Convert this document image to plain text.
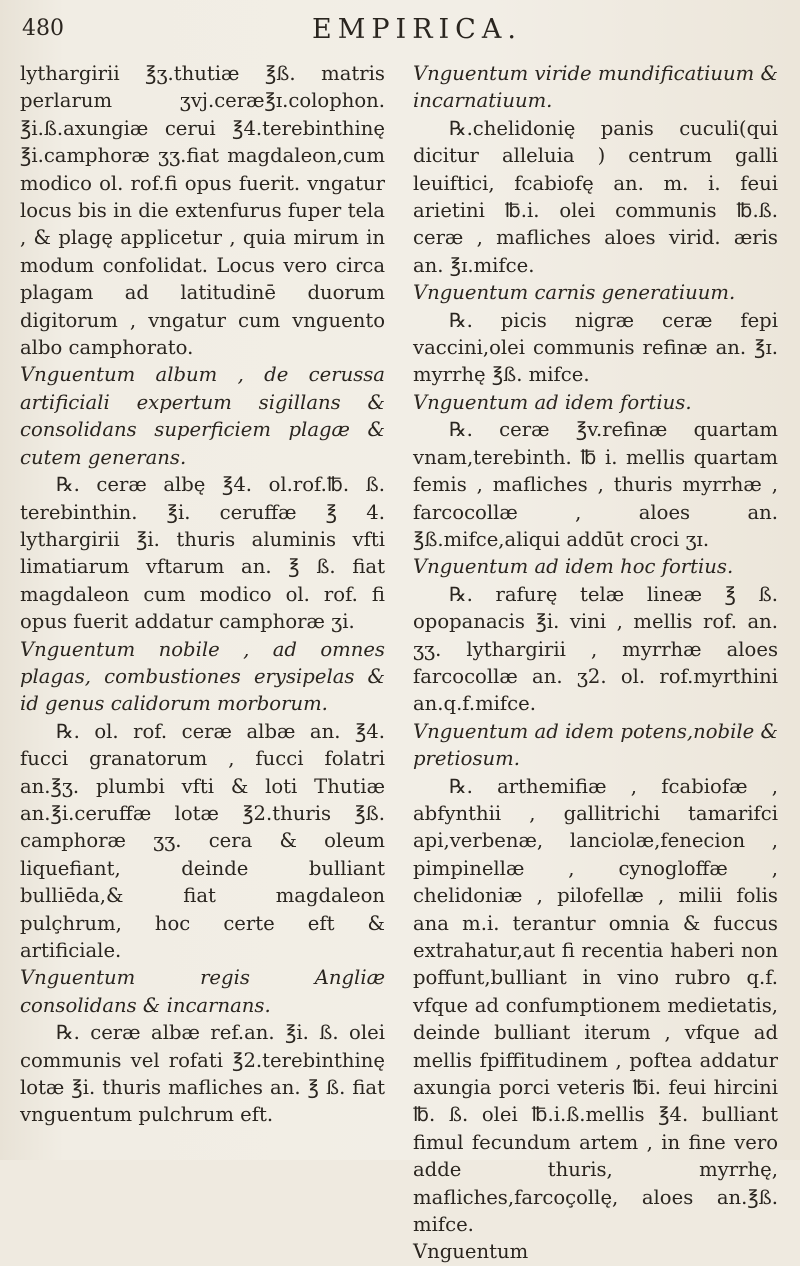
480	EMPIRICA.

lythargirii ℥ʒ.thutiæ ℥ß. matris perlarum ʒvj.ceræ℥ɪ.colophon. ℥i.ß.axungiæ cerui ℥4.terebinthinę ℥i.camphoræ ʒʒ.fiat magdaleon,cum modico ol. rof.fi opus fuerit. vngatur locus bis in die extenfurus fuper tela , & plagę applicetur , quia mirum in modum confolidat. Locus vero circa plagam ad latitudinē duorum digitorum , vngatur cum vnguento albo camphorato.

Vnguentum album , de cerussa artificiali expertum sigillans & consolidans superficiem plagæ & cutem generans.

℞. ceræ albę ℥4. ol.rof.℔. ß. terebinthin. ℥i. ceruffæ ℥ 4. lythargirii ℥i. thuris aluminis vfti limatiarum vftarum an. ℥ ß. fiat magdaleon cum modico ol. rof. fi opus fuerit addatur camphoræ ʒi.

Vnguentum nobile , ad omnes plagas, combustiones erysipelas & id genus calidorum morborum.

℞. ol. rof. ceræ albæ an. ℥4. fucci granatorum , fucci folatri an.℥ʒ. plumbi vfti & loti Thutiæ an.℥i.ceruffæ lotæ ℥2.thuris ℥ß. camphoræ ʒʒ. cera & oleum liquefiant, deinde bulliant bulliēda,& fiat magdaleon pulçhrum, hoc certe eft & artificiale.

Vnguentum regis Angliæ consolidans & incarnans.

℞. ceræ albæ ref.an. ℥i. ß. olei communis vel rofati ℥2.terebinthinę lotæ ℥i. thuris mafliches an. ℥ ß. fiat vnguentum pulchrum eft.

Vnguentum viride mundificatiuum & incarnatiuum.

℞.chelidonię panis cuculi(qui dicitur alleluia ) centrum galli leuiftici, fcabiofę an. m. i. feui arietini ℔.i. olei communis ℔.ß. ceræ , mafliches aloes virid. æris an. ℥ɪ.mifce.

Vnguentum carnis generatiuum.

℞. picis nigræ ceræ fepi vaccini,olei communis refinæ an. ℥ɪ. myrrhę ℥ß. mifce.

Vnguentum ad idem fortius.

℞. ceræ ℥v.refinæ quartam vnam,terebinth. ℔ i. mellis quartam femis , mafliches , thuris myrrhæ , farcocollæ , aloes an. ℥ß.mifce,aliqui addūt croci ʒɪ.

Vnguentum ad idem hoc fortius.

℞. rafurę telæ lineæ ℥ ß. opopanacis ℥i. vini , mellis rof. an. ʒʒ. lythargirii , myrrhæ aloes farcocollæ an. ʒ2. ol. rof.myrthini an.q.f.mifce.

Vnguentum ad idem potens,nobile & pretiosum.

℞. arthemifiæ , fcabiofæ , abfynthii , gallitrichi tamarifci api,verbenæ, lanciolæ,fenecion , pimpinellæ , cynogloffæ , chelidoniæ , pilofellæ , milii folis ana m.i. terantur omnia & fuccus extrahatur,aut fi recentia haberi non poffunt,bulliant in vino rubro q.f. vfque ad confumptionem medietatis, deinde bulliant iterum , vfque ad mellis fpiffitudinem , poftea addatur axungia porci veteris ℔i. feui hircini ℔. ß. olei ℔.i.ß.mellis ℥4. bulliant fimul fecundum artem , in fine vero adde thuris, myrrhę, mafliches,farcoçollę, aloes an.℥ß. mifce.

Vnguentum
